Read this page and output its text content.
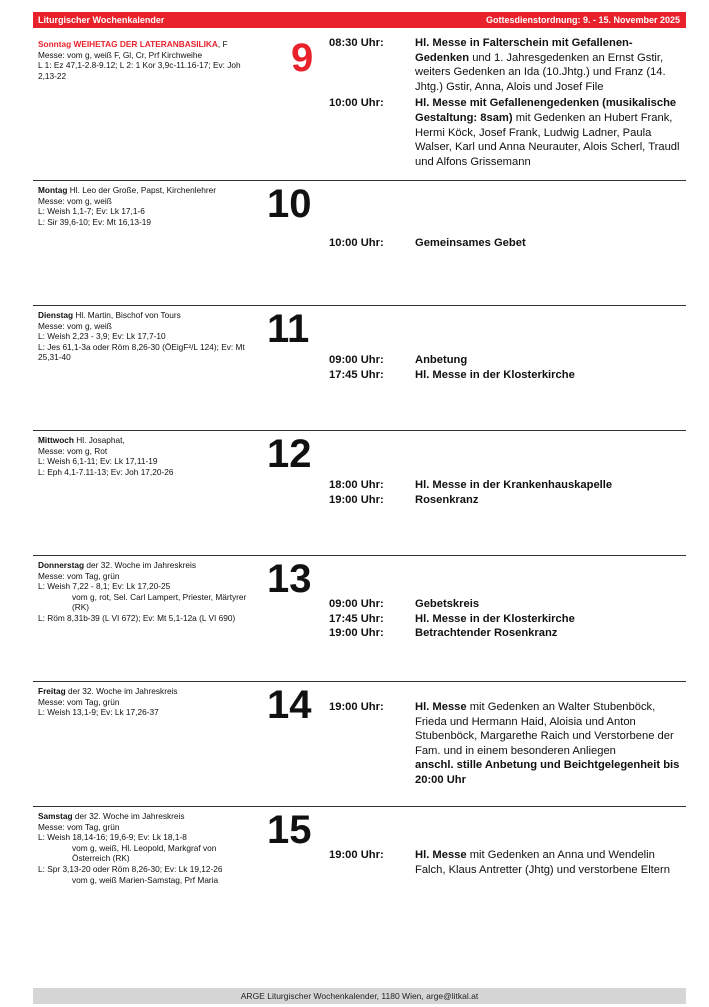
Liturgischer Wochenkalender	Gottesdienstordnung: 9. - 15. November 2025
Sonntag WEIHETAG DER LATERANBASILIKA, F
Messe: vom g, weiß F, Gl, Cr, Prf Kirchweihe
L 1: Ez 47,1-2.8-9.12; L 2: 1 Kor 3,9c-11.16-17; Ev: Joh 2,13-22	9	08:30 Uhr:	Hl. Messe in Falterschein mit Gefallenen-Gedenken und 1. Jahresgedenken an Ernst Gstir, weiters Gedenken an Ida (10.Jhtg.) und Franz (14. Jhtg.) Gstir, Anna, Alois und Josef File
10:00 Uhr:	Hl. Messe mit Gefallenengedenken (musikalische Gestaltung: 8sam) mit Gedenken an Hubert Frank, Hermi Köck, Josef Frank, Ludwig Ladner, Paula Walser, Karl und Anna Neurauter, Alois Scherl, Traudl und Alfons Grissemann
Montag Hl. Leo der Große, Papst, Kirchenlehrer
Messe: vom g, weiß
L: Weish 1,1-7; Ev: Lk 17,1-6
L: Sir 39,6-10; Ev: Mt 16,13-19	10
10:00 Uhr:	Gemeinsames Gebet
Dienstag Hl. Martin, Bischof von Tours
Messe: vom g, weiß
L: Weish 2,23 - 3,9; Ev: Lk 17,7-10
L: Jes 61,1-3a oder Röm 8,26-30 (ÖEigF²/L 124); Ev: Mt 25,31-40
11
09:00 Uhr:	Anbetung
17:45 Uhr:	Hl. Messe in der Klosterkirche
Mittwoch Hl. Josaphat,
Messe: vom g, Rot
L: Weish 6,1-11; Ev: Lk 17,11-19
L: Eph 4,1-7.11-13; Ev: Joh 17,20-26	12
18:00 Uhr:	Hl. Messe in der Krankenhauskapelle
19:00 Uhr:	Rosenkranz
Donnerstag der 32. Woche im Jahreskreis
Messe: vom Tag, grün
L: Weish 7,22 - 8,1; Ev: Lk 17,20-25
vom g, rot, Sel. Carl Lampert, Priester, Märtyrer (RK)
L: Röm 8,31b-39 (L VI 672); Ev: Mt 5,1-12a (L VI 690)
13
09:00 Uhr:	Gebetskreis
17:45 Uhr:	Hl. Messe in der Klosterkirche
19:00 Uhr:	Betrachtender Rosenkranz
Freitag der 32. Woche im Jahreskreis
Messe: vom Tag, grün
L: Weish 13,1-9; Ev: Lk 17,26-37	14	19:00 Uhr:	Hl. Messe mit Gedenken an Walter Stubenböck, Frieda und Hermann Haid, Aloisia und Anton Stubenböck, Margarethe Raich und Verstorbene der Fam. und in einem besonderen Anliegen
anschl. stille Anbetung und Beichtgelegenheit bis 20:00 Uhr
Samstag der 32. Woche im Jahreskreis
Messe: vom Tag, grün
L: Weish 18,14-16; 19,6-9; Ev: Lk 18,1-8
vom g, weiß, Hl. Leopold, Markgraf von Österreich (RK)
L: Spr 3,13-20 oder Röm 8,26-30; Ev: Lk 19,12-26
vom g, weiß Marien-Samstag, Prf Maria
15
19:00 Uhr:	Hl. Messe mit Gedenken an Anna und Wendelin Falch, Klaus Antretter (Jhtg) und verstorbene Eltern
ARGE Liturgischer Wochenkalender, 1180 Wien, arge@litkal.at
